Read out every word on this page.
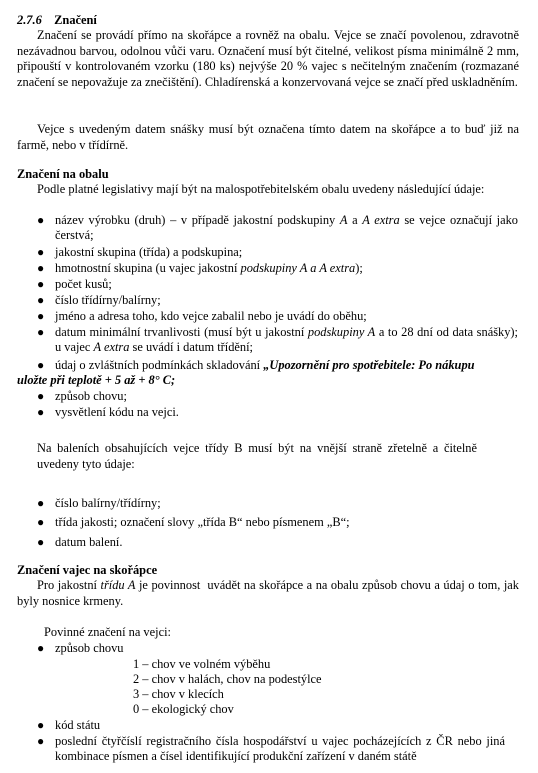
2.7.6 Značení
Značení se provádí přímo na skořápce a rovněž na obalu. Vejce se značí povolenou, zdravotně nezávadnou barvou, odolnou vůči varu. Označení musí být čitelné, velikost písma minimálně 2 mm, připouští v kontrolovaném vzorku (180 ks) nejvýše 20 % vajec s nečitelným značením (rozmazané značení se nepovažuje za znečištění). Chladírenská a konzervovaná vejce se značí před uskladněním.
Vejce s uvedeným datem snášky musí být označena tímto datem na skořápce a to buď již na farmě, nebo v třídírně.
Značení na obalu
Podle platné legislativy mají být na malospotřebitelském obalu uvedeny následující údaje:
● název výrobku (druh) – v případě jakostní podskupiny A a A extra se vejce označují jako čerstvá;
● jakostní skupina (třída) a podskupina;
● hmotnostní skupina (u vajec jakostní podskupiny A a A extra);
● počet kusů;
● číslo třídírny/balírny;
● jméno a adresa toho, kdo vejce zabalil nebo je uvádí do oběhu;
● datum minimální trvanlivosti (musí být u jakostní podskupiny A a to 28 dní od data snášky); u vajec A extra se uvádí i datum třídění;
● údaj o zvláštních podmínkách skladování „Upozornění pro spotřebitele: Po nákupu
uložte při teplotě + 5 až + 8° C;
● způsob chovu;
● vysvětlení kódu na vejci.
Na baleních obsahujících vejce třídy B musí být na vnější straně zřetelně a čitelně uvedeny tyto údaje:
● číslo balírny/třídírny;
● třída jakosti; označení slovy „třída B“ nebo písmenem „B“;
● datum balení.
Značení vajec na skořápce
Pro jakostní třídu A je povinnost  uvádět na skořápce a na obalu způsob chovu a údaj o tom, jak byly nosnice krmeny.
Povinné značení na vejci:
● způsob chovu
1 – chov ve volném výběhu
2 – chov v halách, chov na podestýlce
3 – chov v klecích
0 – ekologický chov
● kód státu
● poslední čtyřčíslí registračního čísla hospodářství u vajec pocházejících z ČR nebo jiná kombinace písmen a čísel identifikující produkční zařízení v daném státě
